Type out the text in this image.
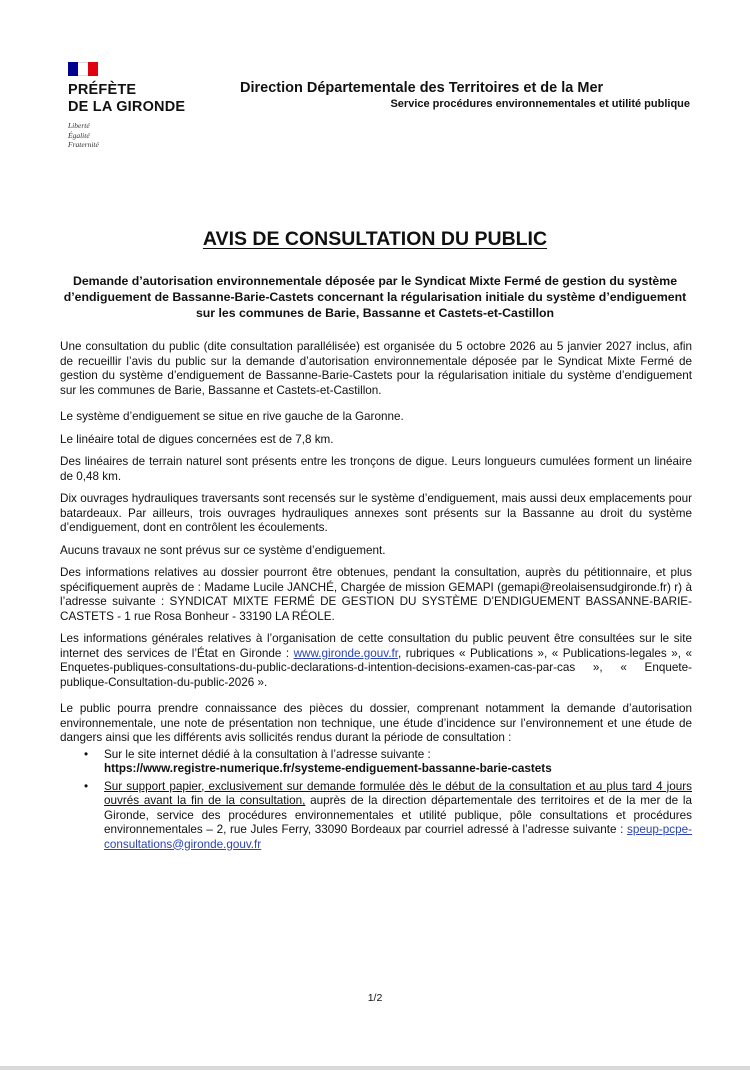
PRÉFÈTE
DE LA GIRONDE
Liberté
Égalité
Fraternité
Direction Départementale des Territoires et de la Mer
Service procédures environnementales et utilité publique
AVIS DE CONSULTATION DU PUBLIC
Demande d’autorisation environnementale déposée par le Syndicat Mixte Fermé de gestion du système d’endiguement de Bassanne-Barie-Castets concernant la régularisation initiale du système d’endiguement sur les communes de Barie, Bassanne et Castets-et-Castillon

Une consultation du public (dite consultation parallélisée) est organisée du 5 octobre 2026 au 5 janvier 2027 inclus, afin de recueillir l’avis du public sur la demande d’autorisation environnementale déposée par le Syndicat Mixte Fermé de gestion du système d’endiguement de Bassanne-Barie-Castets pour la régularisation initiale du système d’endiguement sur les communes de Barie, Bassanne et Castets-et-Castillon.

Le système d’endiguement se situe en rive gauche de la Garonne.

Le linéaire total de digues concernées est de 7,8 km.

Des linéaires de terrain naturel sont présents entre les tronçons de digue. Leurs longueurs cumulées forment un linéaire de 0,48 km.

Dix ouvrages hydrauliques traversants sont recensés sur le système d’endiguement, mais aussi deux emplacements pour batardeaux. Par ailleurs, trois ouvrages hydrauliques annexes sont présents sur la Bassanne au droit du système d’endiguement, dont en contrôlent les écoulements.

Aucuns travaux ne sont prévus sur ce système d’endiguement.

Des informations relatives au dossier pourront être obtenues, pendant la consultation, auprès du pétitionnaire, et plus spécifiquement auprès de : Madame Lucile JANCHÉ, Chargée de mission GEMAPI (gemapi@reolaisensudgironde.fr) r) à l’adresse suivante : SYNDICAT MIXTE FERMÉ DE GESTION DU SYSTÈME D’ENDIGUEMENT BASSANNE-BARIE-CASTETS - 1 rue Rosa Bonheur - 33190 LA RÉOLE.

Les informations générales relatives à l’organisation de cette consultation du public peuvent être consultées sur le site internet des services de l’État en Gironde : www.gironde.gouv.fr, rubriques « Publications », « Publications-legales », « Enquetes-publiques-consultations-du-public-declarations-d-intention-decisions-examen-cas-par-cas », « Enquete-publique-Consultation-du-public-2026 ».

Le public pourra prendre connaissance des pièces du dossier, comprenant notamment la demande d’autorisation environnementale, une note de présentation non technique, une étude d’incidence sur l’environnement et une étude de dangers ainsi que les différents avis sollicités rendus durant la période de consultation :

• Sur le site internet dédié à la consultation à l’adresse suivante :
https://www.registre-numerique.fr/systeme-endiguement-bassanne-barie-castets
• Sur support papier, exclusivement sur demande formulée dès le début de la consultation et au plus tard 4 jours ouvrés avant la fin de la consultation, auprès de la direction départementale des territoires et de la mer de la Gironde, service des procédures environnementales et utilité publique, pôle consultations et procédures environnementales – 2, rue Jules Ferry, 33090 Bordeaux par courriel adressé à l’adresse suivante : speup-pcpe-consultations@gironde.gouv.fr
1/2
